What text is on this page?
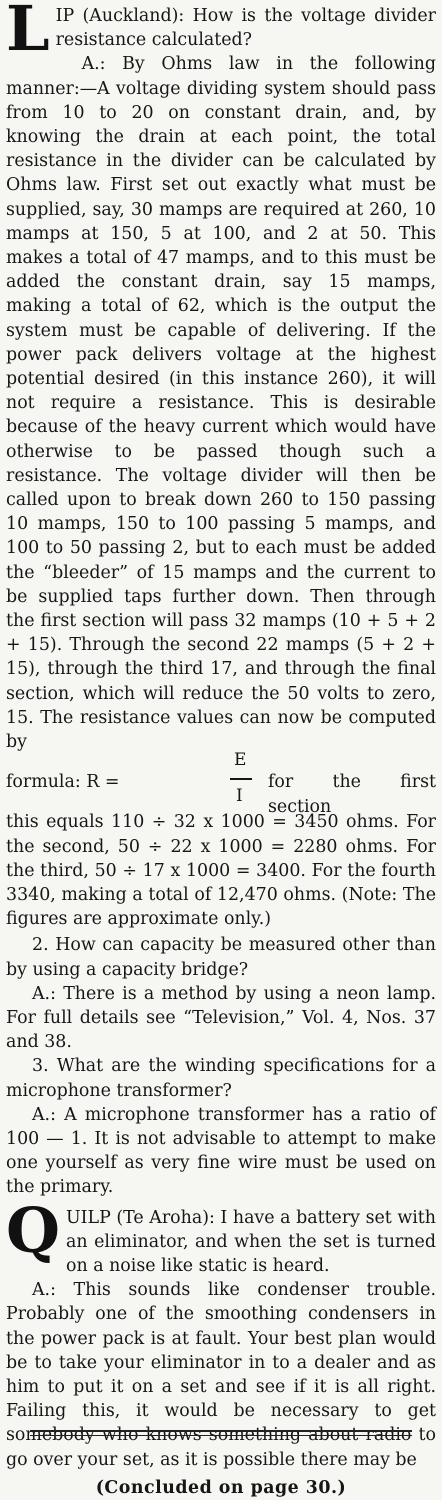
L IP (Auckland): How is the voltage divider resistance calculated?

A.: By Ohms law in the following manner:—A voltage dividing system should pass from 10 to 20 on constant drain, and, by knowing the drain at each point, the total resistance in the divider can be calculated by Ohms law. First set out exactly what must be supplied, say, 30 mamps are required at 260, 10 mamps at 150, 5 at 100, and 2 at 50. This makes a total of 47 mamps, and to this must be added the constant drain, say 15 mamps, making a total of 62, which is the output the system must be capable of delivering. If the power pack delivers voltage at the highest potential desired (in this instance 260), it will not require a resistance. This is desirable because of the heavy current which would have otherwise to be passed though such a resistance. The voltage divider will then be called upon to break down 260 to 150 passing 10 mamps, 150 to 100 passing 5 mamps, and 100 to 50 passing 2, but to each must be added the “bleeder” of 15 mamps and the current to be supplied taps further down. Then through the first section will pass 32 mamps (10 + 5 + 2 + 15). Through the second 22 mamps (5 + 2 + 15), through the third 17, and through the final section, which will reduce the 50 volts to zero, 15. The resistance values can now be computed by

formula: R =
E
I
for the first section

this equals 110 ÷ 32 x 1000 = 3450 ohms. For the second, 50 ÷ 22 x 1000 = 2280 ohms. For the third, 50 ÷ 17 x 1000 = 3400. For the fourth 3340, making a total of 12,470 ohms. (Note: The figures are approximate only.)

2. How can capacity be measured other than by using a capacity bridge?

A.: There is a method by using a neon lamp. For full details see “Television,” Vol. 4, Nos. 37 and 38.

3. What are the winding specifications for a microphone transformer?

A.: A microphone transformer has a ratio of 100 — 1. It is not advisable to attempt to make one yourself as very fine wire must be used on the primary.

Q UILP (Te Aroha): I have a battery set with an eliminator, and when the set is turned on a noise like static is heard.

A.: This sounds like condenser trouble. Probably one of the smoothing condensers in the power pack is at fault. Your best plan would be to take your eliminator in to a dealer and as him to put it on a set and see if it is all right. Failing this, it would be necessary to get somebody who knows something about radio to go over your set, as it is possible there may be

(Concluded on page 30.)
